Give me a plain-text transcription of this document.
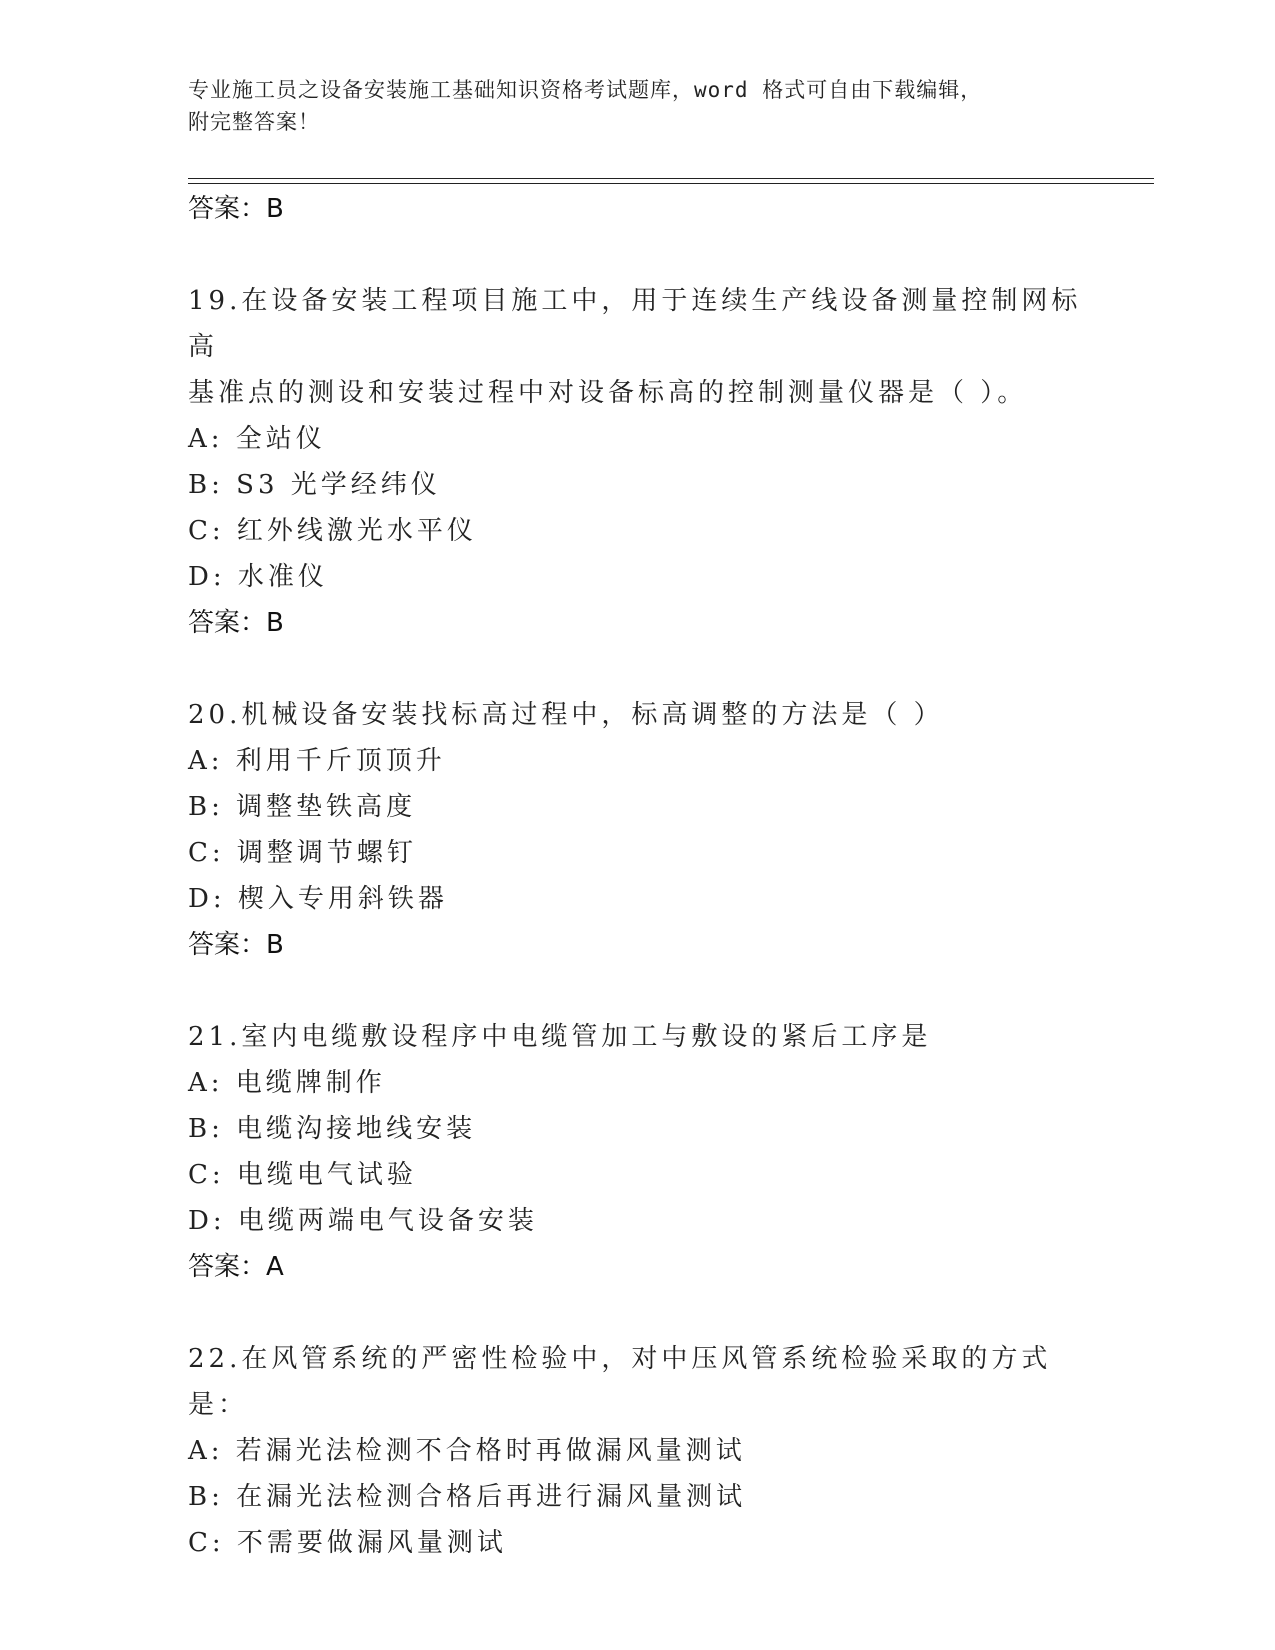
专业施工员之设备安装施工基础知识资格考试题库，word 格式可自由下载编辑，
附完整答案！
答案：B

19.在设备安装工程项目施工中，用于连续生产线设备测量控制网标高

基准点的测设和安装过程中对设备标高的控制测量仪器是（ ）。

A: 全站仪

B: S3 光学经纬仪

C: 红外线激光水平仪

D: 水准仪

答案：B

20.机械设备安装找标高过程中，标高调整的方法是（ ）

A: 利用千斤顶顶升

B: 调整垫铁高度

C: 调整调节螺钉

D: 楔入专用斜铁器

答案：B

21.室内电缆敷设程序中电缆管加工与敷设的紧后工序是

A: 电缆牌制作

B: 电缆沟接地线安装

C: 电缆电气试验

D: 电缆两端电气设备安装

答案：A

22.在风管系统的严密性检验中，对中压风管系统检验采取的方式是：

A: 若漏光法检测不合格时再做漏风量测试

B: 在漏光法检测合格后再进行漏风量测试

C: 不需要做漏风量测试
